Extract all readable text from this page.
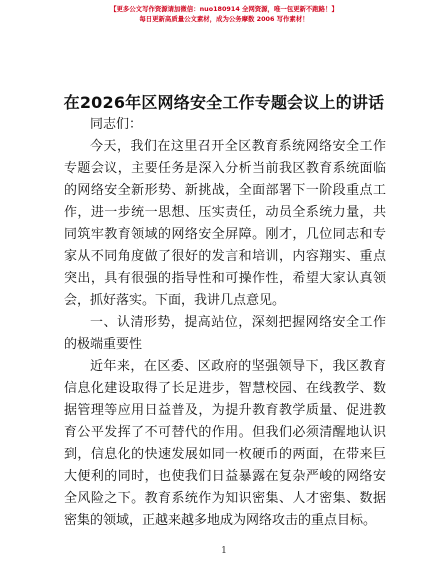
【更多公文写作资源请加微信：nuo180914 全网资源，唯一包更新不跑路！】
每日更新高质量公文素材，成为公务摩数 2006 写作素材！
在2026年区网络安全工作专题会议上的讲话

同志们：

今天，我们在这里召开全区教育系统网络安全工作专题会议，主要任务是深入分析当前我区教育系统面临的网络安全新形势、新挑战，全面部署下一阶段重点工作，进一步统一思想、压实责任，动员全系统力量，共同筑牢教育领域的网络安全屏障。刚才，几位同志和专家从不同角度做了很好的发言和培训，内容翔实、重点突出，具有很强的指导性和可操作性，希望大家认真领会，抓好落实。下面，我讲几点意见。

一、认清形势，提高站位，深刻把握网络安全工作的极端重要性

近年来，在区委、区政府的坚强领导下，我区教育信息化建设取得了长足进步，智慧校园、在线教学、数据管理等应用日益普及，为提升教育教学质量、促进教育公平发挥了不可替代的作用。但我们必须清醒地认识到，信息化的快速发展如同一枚硬币的两面，在带来巨大便利的同时，也使我们日益暴露在复杂严峻的网络安全风险之下。教育系统作为知识密集、人才密集、数据密集的领域，正越来越多地成为网络攻击的重点目标。

1
